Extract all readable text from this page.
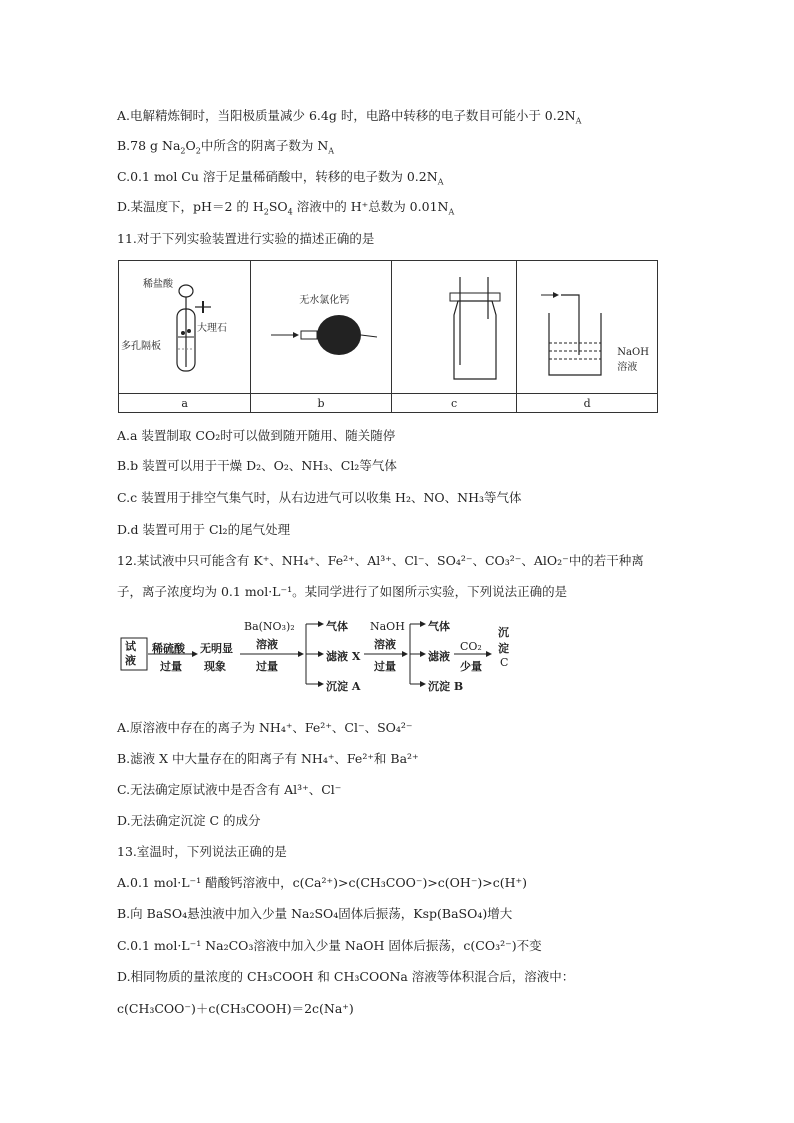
A.电解精炼铜时，当阳极质量减少 6.4g 时，电路中转移的电子数目可能小于 $0.2N_A$
B.78 g $Na_2O_2$中所含的阴离子数为 $N_A$
C.0.1 mol Cu 溶于足量稀硝酸中，转移的电子数为 $0.2N_A$
D.某温度下，pH＝2 的 $H_2SO_4$ 溶液中的 H⁺总数为 $0.01N_A$
11.对于下列实验装置进行实验的描述正确的是
稀盐酸
大理石
多孔隔板	无水氯化钙		NaOH 溶液

a	b	c	d
A.a 装置制取 CO₂时可以做到随开随用、随关随停
B.b 装置可以用于干燥 D₂、O₂、NH₃、Cl₂等气体
C.c 装置用于排空气集气时，从右边进气可以收集 H₂、NO、NH₃等气体
D.d 装置可用于 Cl₂的尾气处理
12.某试液中只可能含有 K⁺、NH₄⁺、Fe²⁺、Al³⁺、Cl⁻、SO₄²⁻、CO₃²⁻、AlO₂⁻中的若干种离
子，离子浓度均为 0.1 mol·L⁻¹。某同学进行了如图所示实验，下列说法正确的是
试液
稀硫酸
过量
无明显
现象
Ba(NO₃)₂
溶液
过量
气体
滤液 X
沉淀 A
NaOH
溶液
过量
气体
滤液
沉淀 B
CO₂
少量
沉
淀
C
A.原溶液中存在的离子为 NH₄⁺、Fe²⁺、Cl⁻、SO₄²⁻
B.滤液 X 中大量存在的阳离子有 NH₄⁺、Fe²⁺和 Ba²⁺
C.无法确定原试液中是否含有 Al³⁺、Cl⁻
D.无法确定沉淀 C 的成分
13.室温时，下列说法正确的是
A.0.1 mol·L⁻¹ 醋酸钙溶液中，c(Ca²⁺)>c(CH₃COO⁻)>c(OH⁻)>c(H⁺)
B.向 BaSO₄悬浊液中加入少量 Na₂SO₄固体后振荡，Ksp(BaSO₄)增大
C.0.1 mol·L⁻¹ Na₂CO₃溶液中加入少量 NaOH 固体后振荡，c(CO₃²⁻)不变
D.相同物质的量浓度的 CH₃COOH 和 CH₃COONa 溶液等体积混合后，溶液中：
c(CH₃COO⁻)＋c(CH₃COOH)＝2c(Na⁺)
